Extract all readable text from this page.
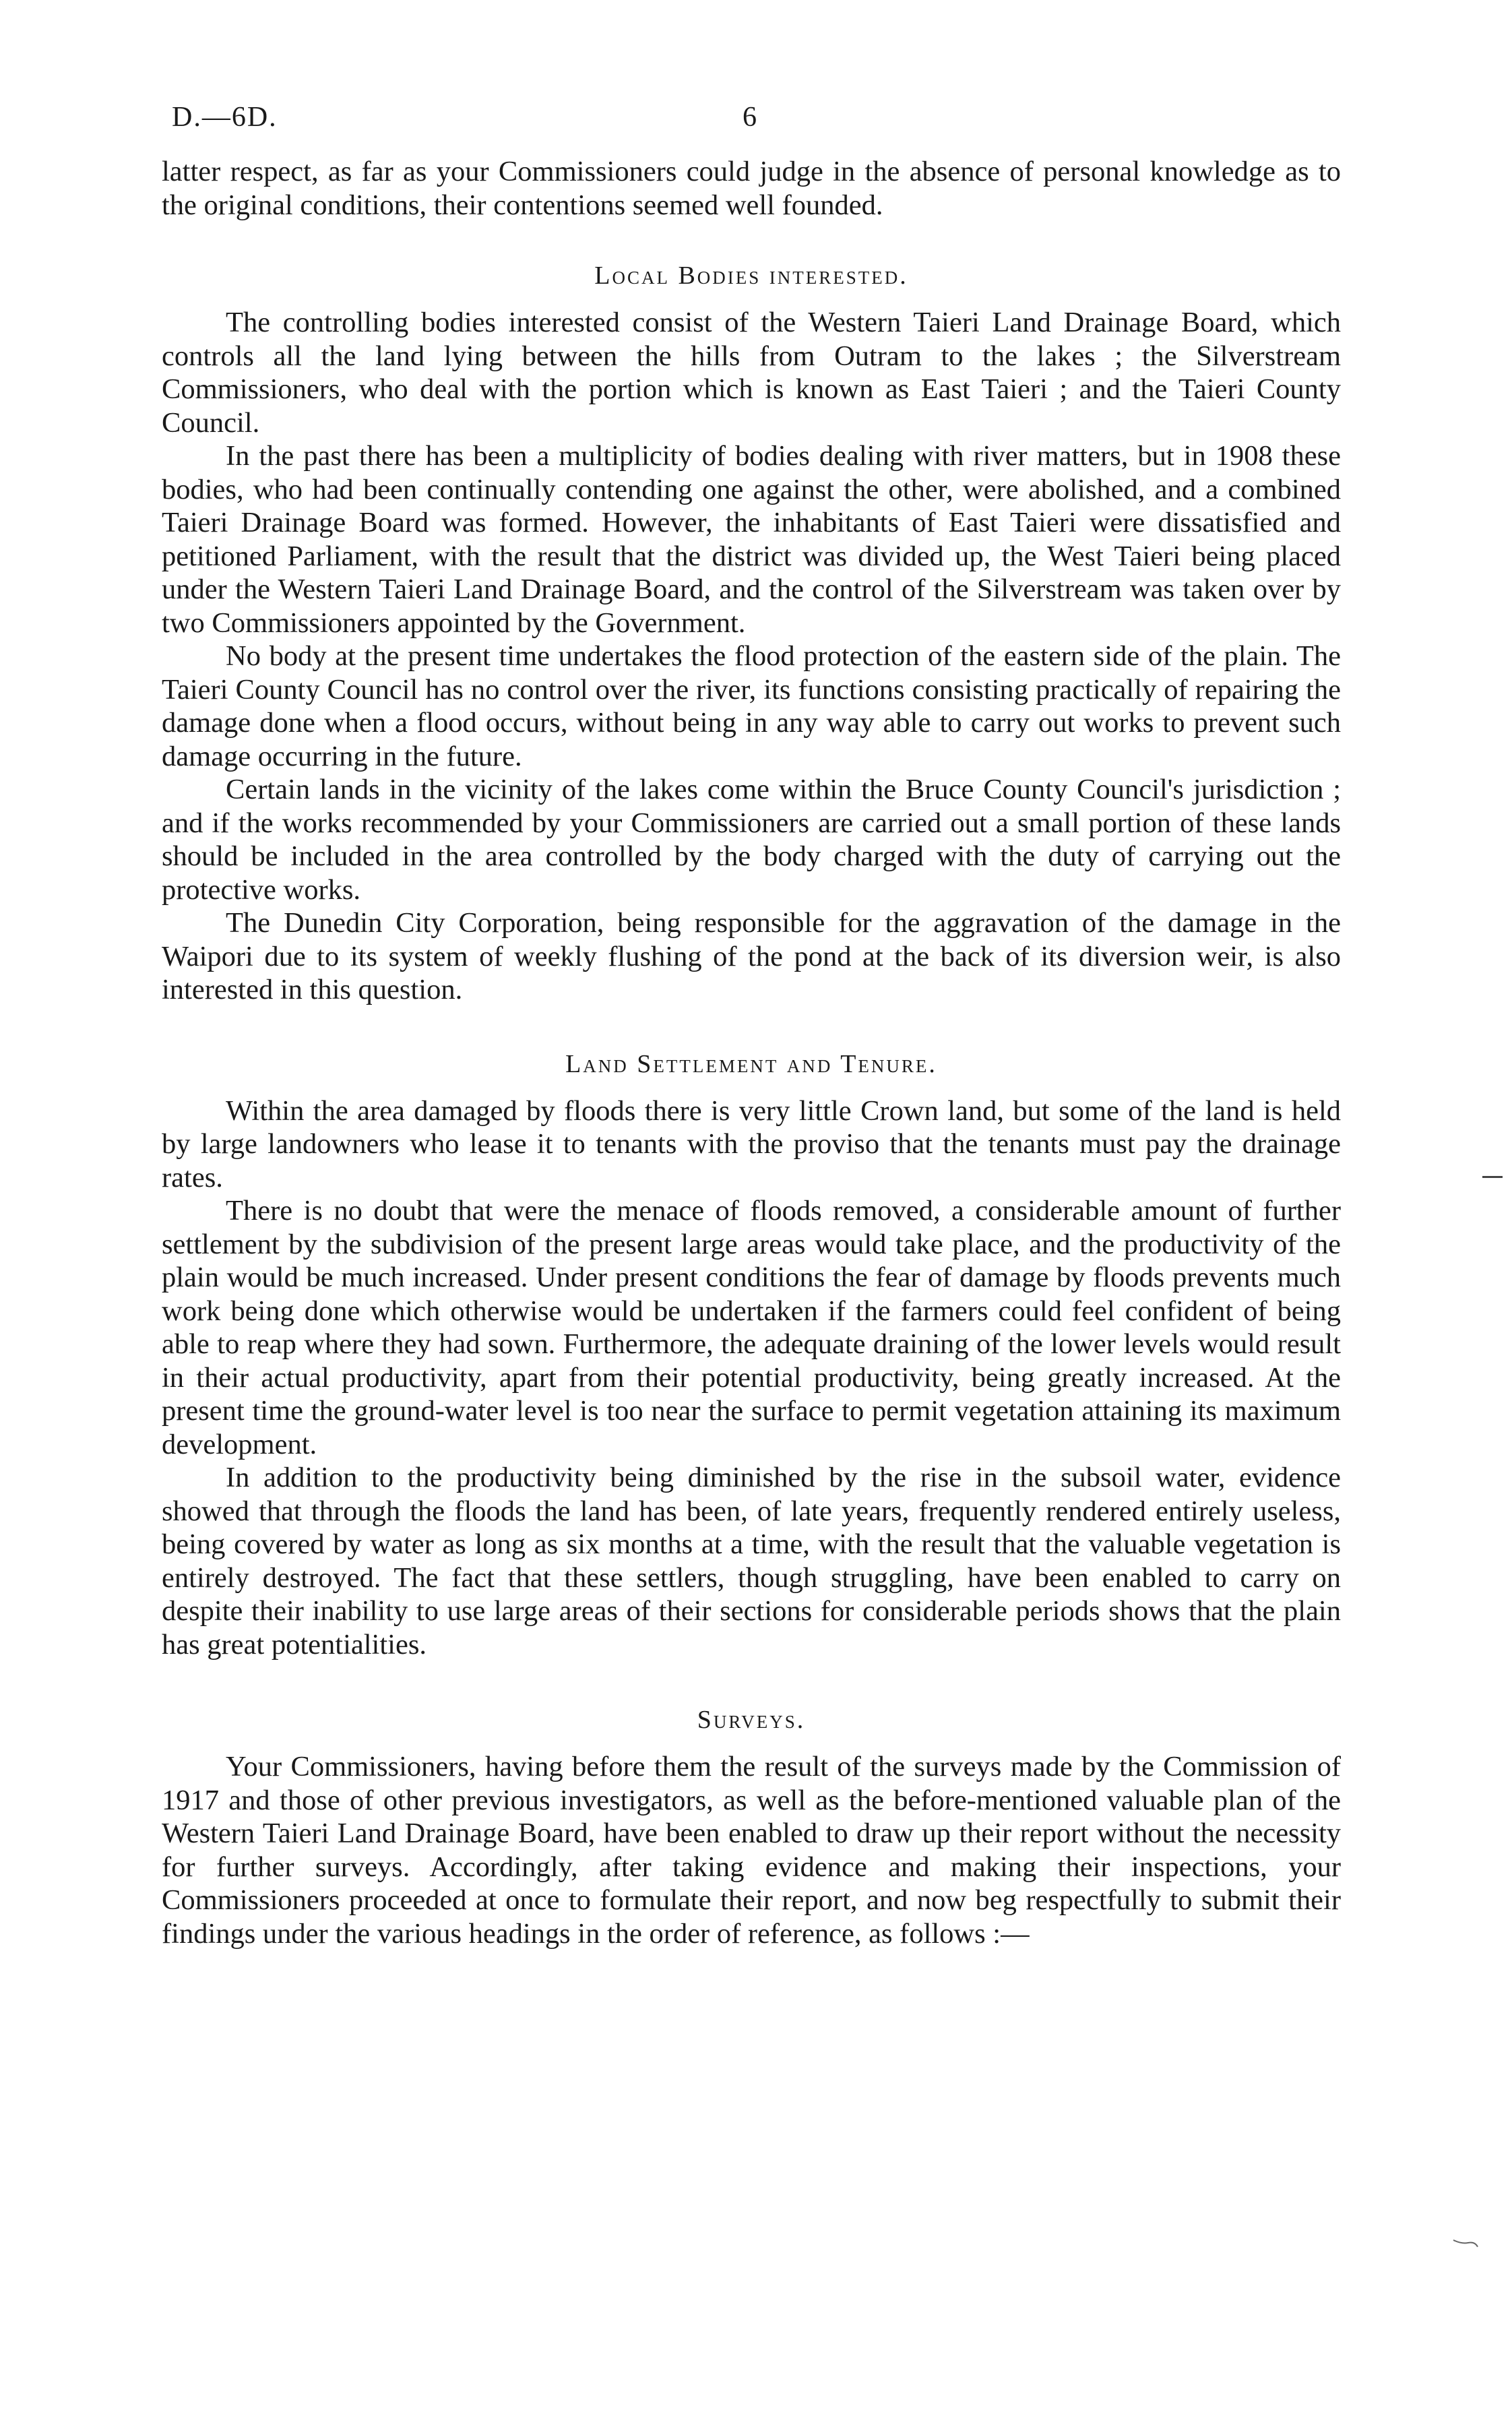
D.—6D.	6

latter respect, as far as your Commissioners could judge in the absence of personal knowledge as to the original conditions, their contentions seemed well founded.

Local Bodies interested.

The controlling bodies interested consist of the Western Taieri Land Drainage Board, which controls all the land lying between the hills from Outram to the lakes ; the Silverstream Commissioners, who deal with the portion which is known as East Taieri ; and the Taieri County Council.

In the past there has been a multiplicity of bodies dealing with river matters, but in 1908 these bodies, who had been continually contending one against the other, were abolished, and a combined Taieri Drainage Board was formed. However, the inhabitants of East Taieri were dissatisfied and petitioned Parliament, with the result that the district was divided up, the West Taieri being placed under the Western Taieri Land Drainage Board, and the control of the Silverstream was taken over by two Commissioners appointed by the Government.

No body at the present time undertakes the flood protection of the eastern side of the plain. The Taieri County Council has no control over the river, its functions consisting practically of repairing the damage done when a flood occurs, without being in any way able to carry out works to prevent such damage occurring in the future.

Certain lands in the vicinity of the lakes come within the Bruce County Council's jurisdiction ; and if the works recommended by your Commissioners are carried out a small portion of these lands should be included in the area controlled by the body charged with the duty of carrying out the protective works.

The Dunedin City Corporation, being responsible for the aggravation of the damage in the Waipori due to its system of weekly flushing of the pond at the back of its diversion weir, is also interested in this question.

Land Settlement and Tenure.

Within the area damaged by floods there is very little Crown land, but some of the land is held by large landowners who lease it to tenants with the proviso that the tenants must pay the drainage rates.

There is no doubt that were the menace of floods removed, a considerable amount of further settlement by the subdivision of the present large areas would take place, and the productivity of the plain would be much increased. Under present conditions the fear of damage by floods prevents much work being done which otherwise would be undertaken if the farmers could feel confident of being able to reap where they had sown. Furthermore, the adequate draining of the lower levels would result in their actual productivity, apart from their potential productivity, being greatly increased. At the present time the ground-water level is too near the surface to permit vegetation attaining its maximum development.

In addition to the productivity being diminished by the rise in the subsoil water, evidence showed that through the floods the land has been, of late years, frequently rendered entirely useless, being covered by water as long as six months at a time, with the result that the valuable vegetation is entirely destroyed. The fact that these settlers, though struggling, have been enabled to carry on despite their inability to use large areas of their sections for considerable periods shows that the plain has great potentialities.

Surveys.

Your Commissioners, having before them the result of the surveys made by the Commission of 1917 and those of other previous investigators, as well as the before-mentioned valuable plan of the Western Taieri Land Drainage Board, have been enabled to draw up their report without the necessity for further surveys. Accordingly, after taking evidence and making their inspections, your Commissioners proceeded at once to formulate their report, and now beg respectfully to submit their findings under the various headings in the order of reference, as follows :—
